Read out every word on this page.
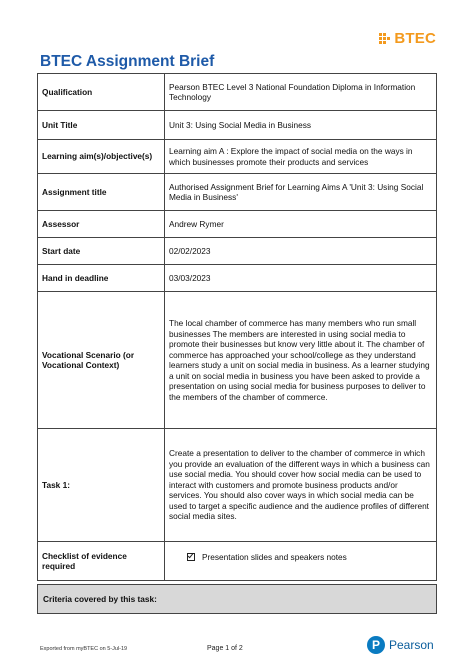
BTEC
BTEC Assignment Brief
Qualification	Pearson BTEC Level 3 National Foundation Diploma in Information Technology
Unit Title	Unit 3: Using Social Media in Business
Learning aim(s)/objective(s)	Learning aim A : Explore the impact of social media on the ways in which businesses promote their products and services
Assignment title	Authorised Assignment Brief for Learning Aims A 'Unit 3: Using Social Media in Business'
Assessor	Andrew Rymer
Start date	02/02/2023
Hand in deadline	03/03/2023
Vocational Scenario (or Vocational Context)	The local chamber of commerce has many members who run small businesses The members are interested in using social media to promote their businesses but know very little about it. The chamber of commerce has approached your school/college as they understand learners study a unit on social media in business. As a learner studying a unit on social media in business you have been asked to provide a presentation on using social media for business purposes to deliver to the members of the chamber of commerce.
Task 1:	Create a presentation to deliver to the chamber of commerce in which you provide an evaluation of the different ways in which a business can use social media. You should cover how social media can be used to interact with customers and promote business products and/or services. You should also cover ways in which social media can be used to target a specific audience and the audience profiles of different social media sites.
Checklist of evidence required	Presentation slides and speakers notes
Criteria covered by this task:
Exported from myBTEC on 5-Jul-19	Page 1 of 2	P Pearson
